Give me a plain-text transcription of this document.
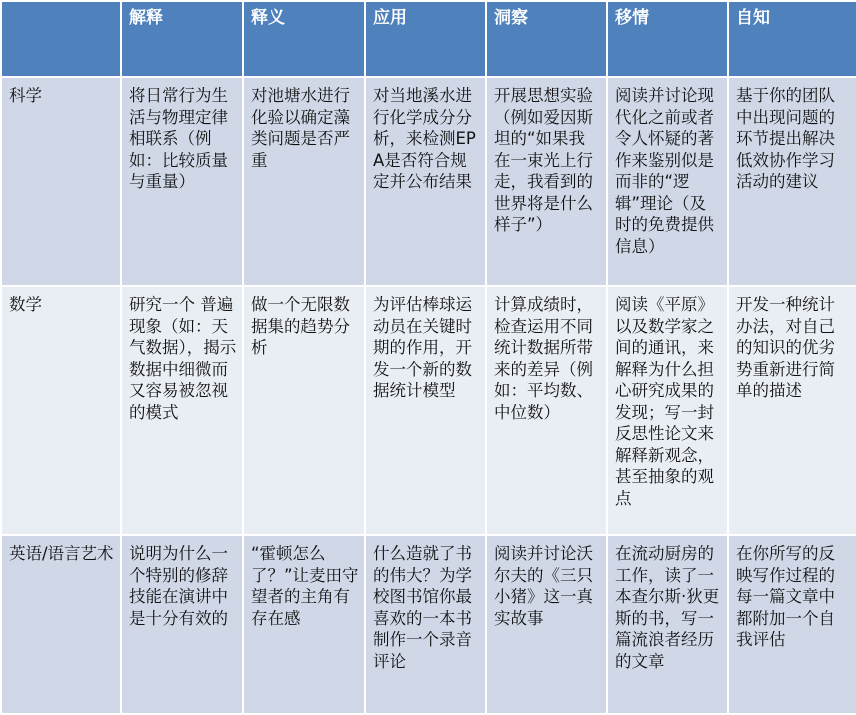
	解释	释义	应用	洞察	移情	自知
科学	将日常行为生活与物理定律相联系（例如：比较质量与重量）	对池塘水进行化验以确定藻类问题是否严重	对当地溪水进行化学成分分析，来检测EPA是否符合规定并公布结果	开展思想实验（例如爱因斯坦的“如果我在一束光上行走，我看到的世界将是什么样子”）	阅读并讨论现代化之前或者令人怀疑的著作来鉴别似是而非的“逻辑”理论（及时的免费提供信息）	基于你的团队中出现问题的环节提出解决低效协作学习活动的建议
数学	研究一个 普遍现象（如：天气数据），揭示数据中细微而又容易被忽视的模式	做一个无限数据集的趋势分析	为评估棒球运动员在关键时期的作用，开发一个新的数据统计模型	计算成绩时，检查运用不同统计数据所带来的差异（例如：平均数、中位数）	阅读《平原》以及数学家之间的通讯，来解释为什么担心研究成果的发现；写一封反思性论文来解释新观念，甚至抽象的观点	开发一种统计办法，对自己的知识的优劣势重新进行简单的描述
英语/语言艺术	说明为什么一个特别的修辞技能在演讲中是十分有效的	“霍顿怎么了？”让麦田守望者的主角有存在感	什么造就了书的伟大？为学校图书馆你最喜欢的一本书制作一个录音评论	阅读并讨论沃尔夫的《三只小猪》这一真实故事	在流动厨房的工作，读了一本查尔斯·狄更斯的书，写一篇流浪者经历的文章	在你所写的反映写作过程的每一篇文章中都附加一个自我评估
